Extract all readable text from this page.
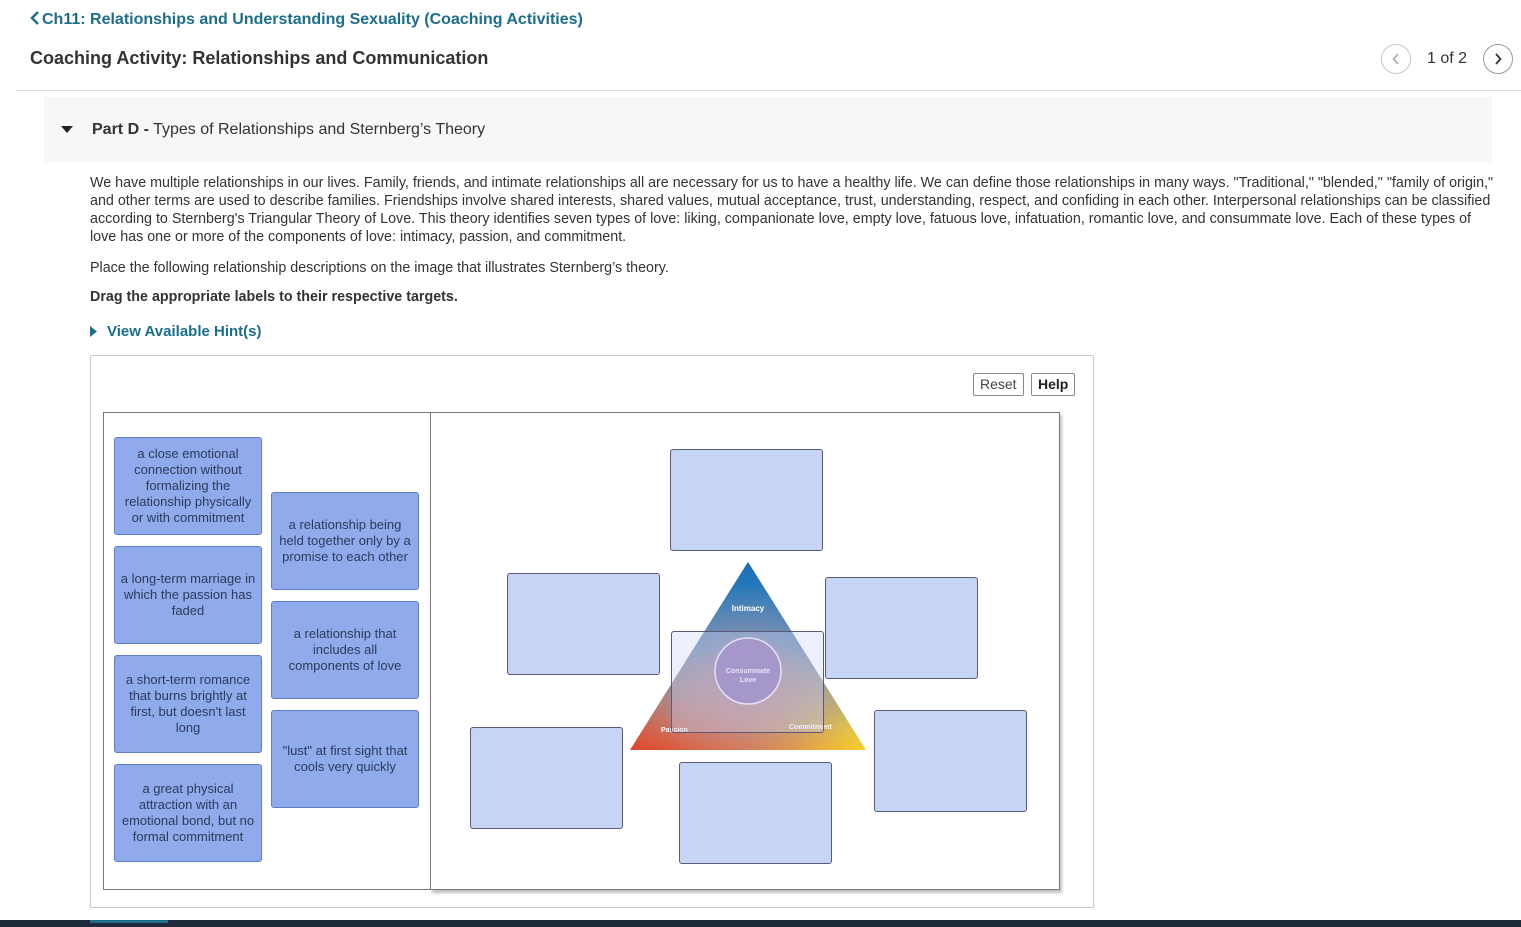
Ch11: Relationships and Understanding Sexuality (Coaching Activities)
Coaching Activity: Relationships and Communication	1 of 2
Part D - Types of Relationships and Sternberg’s Theory

We have multiple relationships in our lives. Family, friends, and intimate relationships all are necessary for us to have a healthy life. We can define those relationships in many ways. "Traditional," "blended," "family of origin," and other terms are used to describe families. Friendships involve shared interests, shared values, mutual acceptance, trust, understanding, respect, and confiding in each other. Interpersonal relationships can be classified according to Sternberg's Triangular Theory of Love. This theory identifies seven types of love: liking, companionate love, empty love, fatuous love, infatuation, romantic love, and consummate love. Each of these types of love has one or more of the components of love: intimacy, passion, and commitment.

Place the following relationship descriptions on the image that illustrates Sternberg’s theory.

Drag the appropriate labels to their respective targets.

View Available Hint(s)
Reset	Help
a close emotional connection without formalizing the relationship physically or with commitment	a relationship being held together only by a promise to each other
a long-term marriage in which the passion has faded
a relationship that includes all components of love
a short-term romance that burns brightly at first, but doesn't last long
"lust" at first sight that cools very quickly
a great physical attraction with an emotional bond, but no formal commitment
Intimacy
Consummate
Love
Passion	Commitment
